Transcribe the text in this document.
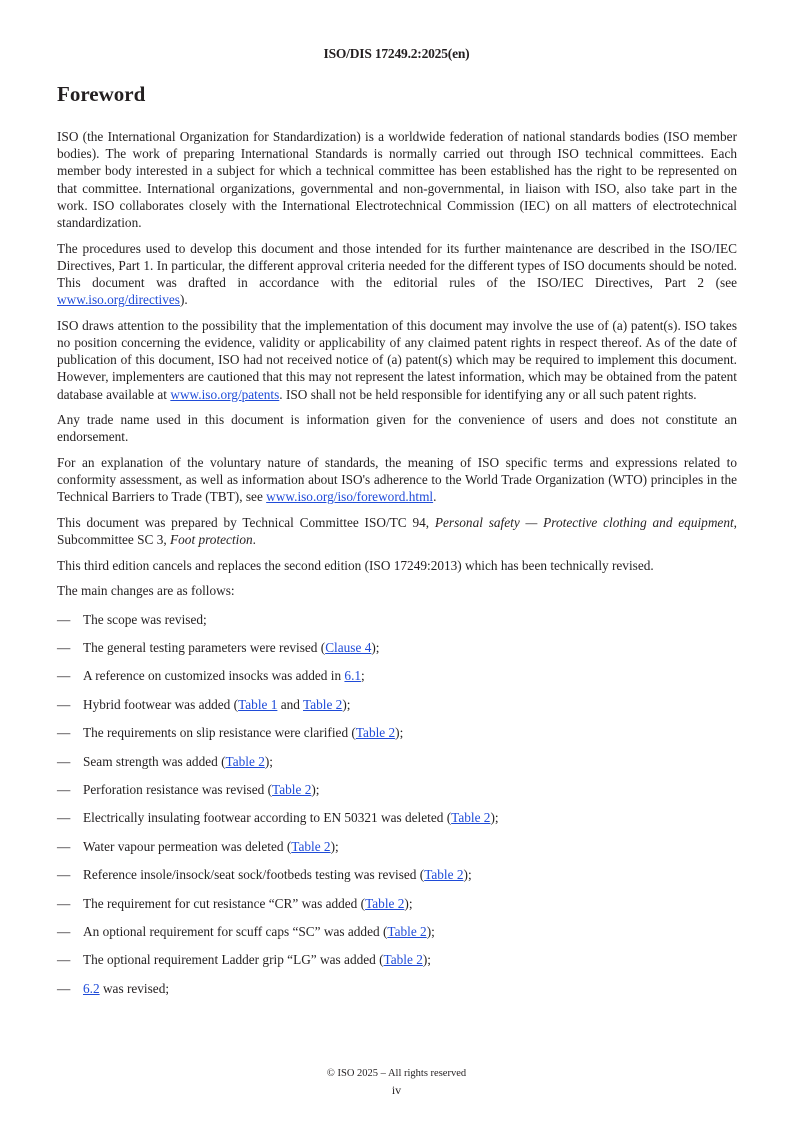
ISO/DIS 17249.2:2025(en)
Foreword

ISO (the International Organization for Standardization) is a worldwide federation of national standards bodies (ISO member bodies). The work of preparing International Standards is normally carried out through ISO technical committees. Each member body interested in a subject for which a technical committee has been established has the right to be represented on that committee. International organizations, governmental and non-governmental, in liaison with ISO, also take part in the work. ISO collaborates closely with the International Electrotechnical Commission (IEC) on all matters of electrotechnical standardization.

The procedures used to develop this document and those intended for its further maintenance are described in the ISO/IEC Directives, Part 1. In particular, the different approval criteria needed for the different types of ISO documents should be noted. This document was drafted in accordance with the editorial rules of the ISO/IEC Directives, Part 2 (see www.iso.org/directives).

ISO draws attention to the possibility that the implementation of this document may involve the use of (a) patent(s). ISO takes no position concerning the evidence, validity or applicability of any claimed patent rights in respect thereof. As of the date of publication of this document, ISO had not received notice of (a) patent(s) which may be required to implement this document. However, implementers are cautioned that this may not represent the latest information, which may be obtained from the patent database available at www.iso.org/patents. ISO shall not be held responsible for identifying any or all such patent rights.

Any trade name used in this document is information given for the convenience of users and does not constitute an endorsement.

For an explanation of the voluntary nature of standards, the meaning of ISO specific terms and expressions related to conformity assessment, as well as information about ISO's adherence to the World Trade Organization (WTO) principles in the Technical Barriers to Trade (TBT), see www.iso.org/iso/foreword.html.

This document was prepared by Technical Committee ISO/TC 94, Personal safety — Protective clothing and equipment, Subcommittee SC 3, Foot protection.

This third edition cancels and replaces the second edition (ISO 17249:2013) which has been technically revised.

The main changes are as follows:

— The scope was revised;
— The general testing parameters were revised (Clause 4);
— A reference on customized insocks was added in 6.1;
— Hybrid footwear was added (Table 1 and Table 2);
— The requirements on slip resistance were clarified (Table 2);
— Seam strength was added (Table 2);
— Perforation resistance was revised (Table 2);
— Electrically insulating footwear according to EN 50321 was deleted (Table 2);
— Water vapour permeation was deleted (Table 2);
— Reference insole/insock/seat sock/footbeds testing was revised (Table 2);
— The requirement for cut resistance “CR” was added (Table 2);
— An optional requirement for scuff caps “SC” was added (Table 2);
— The optional requirement Ladder grip “LG” was added (Table 2);
— 6.2 was revised;
© ISO 2025 – All rights reserved
iv
